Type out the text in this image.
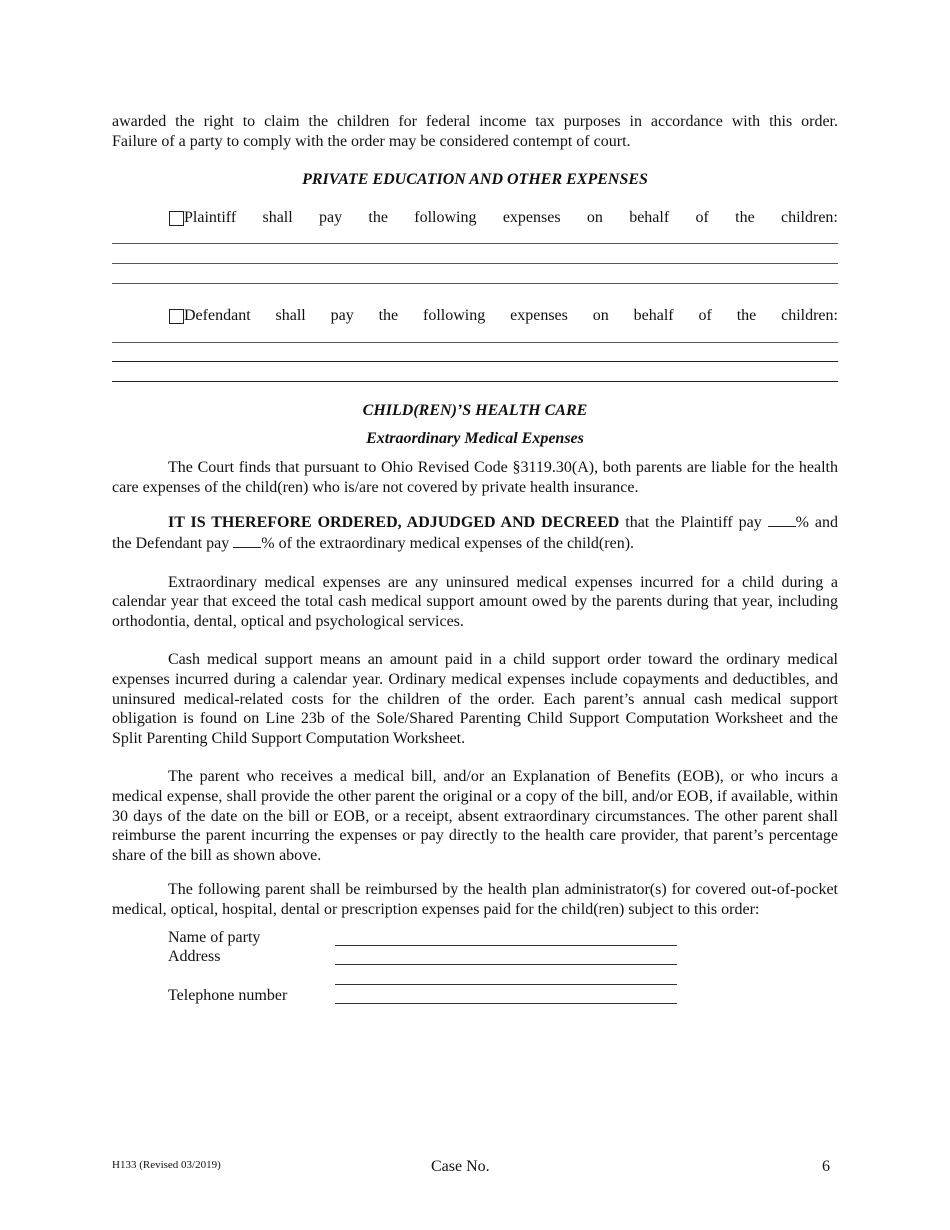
awarded the right to claim the children for federal income tax purposes in accordance with this order.

Failure of a party to comply with the order may be considered contempt of court.

PRIVATE EDUCATION AND OTHER EXPENSES
Plaintiff shall pay the following expenses on behalf of the children:
Defendant shall pay the following expenses on behalf of the children:
CHILD(REN)’S HEALTH CARE
Extraordinary Medical Expenses

The Court finds that pursuant to Ohio Revised Code §3119.30(A), both parents are liable for the health care expenses of the child(ren) who is/are not covered by private health insurance.

IT IS THEREFORE ORDERED, ADJUDGED AND DECREED that the Plaintiff pay % and the Defendant pay % of the extraordinary medical expenses of the child(ren).

Extraordinary medical expenses are any uninsured medical expenses incurred for a child during a calendar year that exceed the total cash medical support amount owed by the parents during that year, including orthodontia, dental, optical and psychological services.

Cash medical support means an amount paid in a child support order toward the ordinary medical expenses incurred during a calendar year. Ordinary medical expenses include copayments and deductibles, and uninsured medical-related costs for the children of the order. Each parent’s annual cash medical support obligation is found on Line 23b of the Sole/Shared Parenting Child Support Computation Worksheet and the Split Parenting Child Support Computation Worksheet.

The parent who receives a medical bill, and/or an Explanation of Benefits (EOB), or who incurs a medical expense, shall provide the other parent the original or a copy of the bill, and/or EOB, if available, within 30 days of the date on the bill or EOB, or a receipt, absent extraordinary circumstances. The other parent shall reimburse the parent incurring the expenses or pay directly to the health care provider, that parent’s percentage share of the bill as shown above.

The following parent shall be reimbursed by the health plan administrator(s) for covered out-of-pocket medical, optical, hospital, dental or prescription expenses paid for the child(ren) subject to this order:

Name of party
Address
Telephone number
H133 (Revised 03/2019)	Case No.	6
